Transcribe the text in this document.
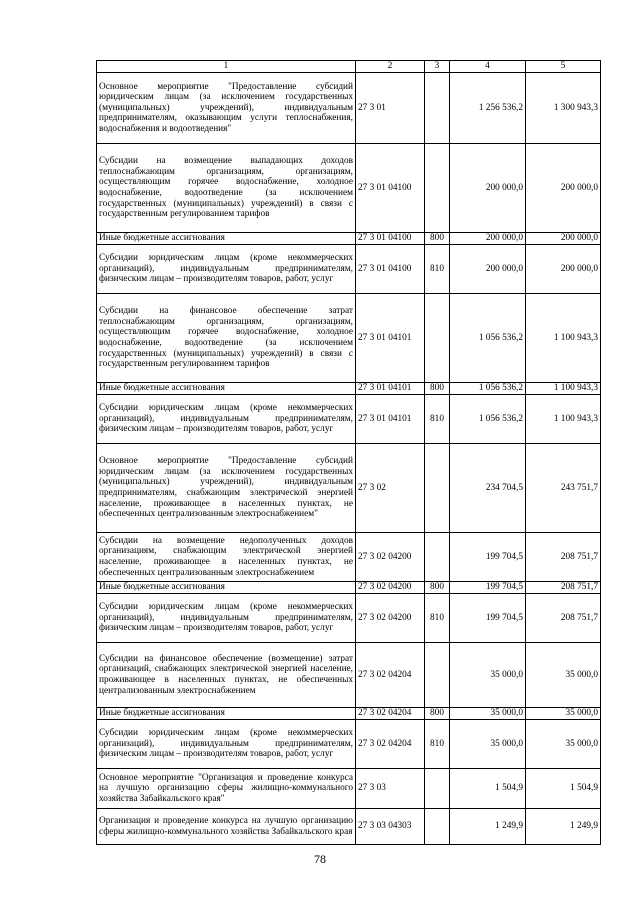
1	2	3	4	5
Основное мероприятие "Предоставление субсидий юридическим лицам (за исключением государственных (муниципальных) учреждений), индивидуальным предпринимателям, оказывающим услуги теплоснабжения, водоснабжения и водоотведения"	27 3 01		1 256 536,2	1 300 943,3
Субсидии на возмещение выпадающих доходов теплоснабжающим организациям, организациям, осуществляющим горячее водоснабжение, холодное водоснабжение, водоотведение (за исключением государственных (муниципальных) учреждений) в связи с государственным регулированием тарифов	27 3 01 04100		200 000,0	200 000,0
Иные бюджетные ассигнования	27 3 01 04100	800	200 000,0	200 000,0
Субсидии юридическим лицам (кроме некоммерческих организаций), индивидуальным предпринимателям, физическим лицам – производителям товаров, работ, услуг	27 3 01 04100	810	200 000,0	200 000,0
Субсидии на финансовое обеспечение затрат теплоснабжающим организациям, организациям, осуществляющим горячее водоснабжение, холодное водоснабжение, водоотведение (за исключением государственных (муниципальных) учреждений) в связи с государственным регулированием тарифов	27 3 01 04101		1 056 536,2	1 100 943,3
Иные бюджетные ассигнования	27 3 01 04101	800	1 056 536,2	1 100 943,3
Субсидии юридическим лицам (кроме некоммерческих организаций), индивидуальным предпринимателям, физическим лицам – производителям товаров, работ, услуг	27 3 01 04101	810	1 056 536,2	1 100 943,3
Основное мероприятие "Предоставление субсидий юридическим лицам (за исключением государственных (муниципальных) учреждений), индивидуальным предпринимателям, снабжающим электрической энергией население, проживающее в населенных пунктах, не обеспеченных централизованным электроснабжением"	27 3 02		234 704,5	243 751,7
Субсидии на возмещение недополученных доходов организациям, снабжающим электрической энергией население, проживающее в населенных пунктах, не обеспеченных централизованным электроснабжением	27 3 02 04200		199 704,5	208 751,7
Иные бюджетные ассигнования	27 3 02 04200	800	199 704,5	208 751,7
Субсидии юридическим лицам (кроме некоммерческих организаций), индивидуальным предпринимателям, физическим лицам – производителям товаров, работ, услуг	27 3 02 04200	810	199 704,5	208 751,7
Субсидии на финансовое обеспечение (возмещение) затрат организаций, снабжающих электрической энергией население, проживающее в населенных пунктах, не обеспеченных централизованным электроснабжением	27 3 02 04204		35 000,0	35 000,0
Иные бюджетные ассигнования	27 3 02 04204	800	35 000,0	35 000,0
Субсидии юридическим лицам (кроме некоммерческих организаций), индивидуальным предпринимателям, физическим лицам – производителям товаров, работ, услуг	27 3 02 04204	810	35 000,0	35 000,0
Основное мероприятие "Организация и проведение конкурса на лучшую организацию сферы жилищно-коммунального хозяйства Забайкальского края"	27 3 03		1 504,9	1 504,9
Организация и проведение конкурса на лучшую организацию сферы жилищно-коммунального хозяйства Забайкальского края	27 3 03 04303		1 249,9	1 249,9
78
